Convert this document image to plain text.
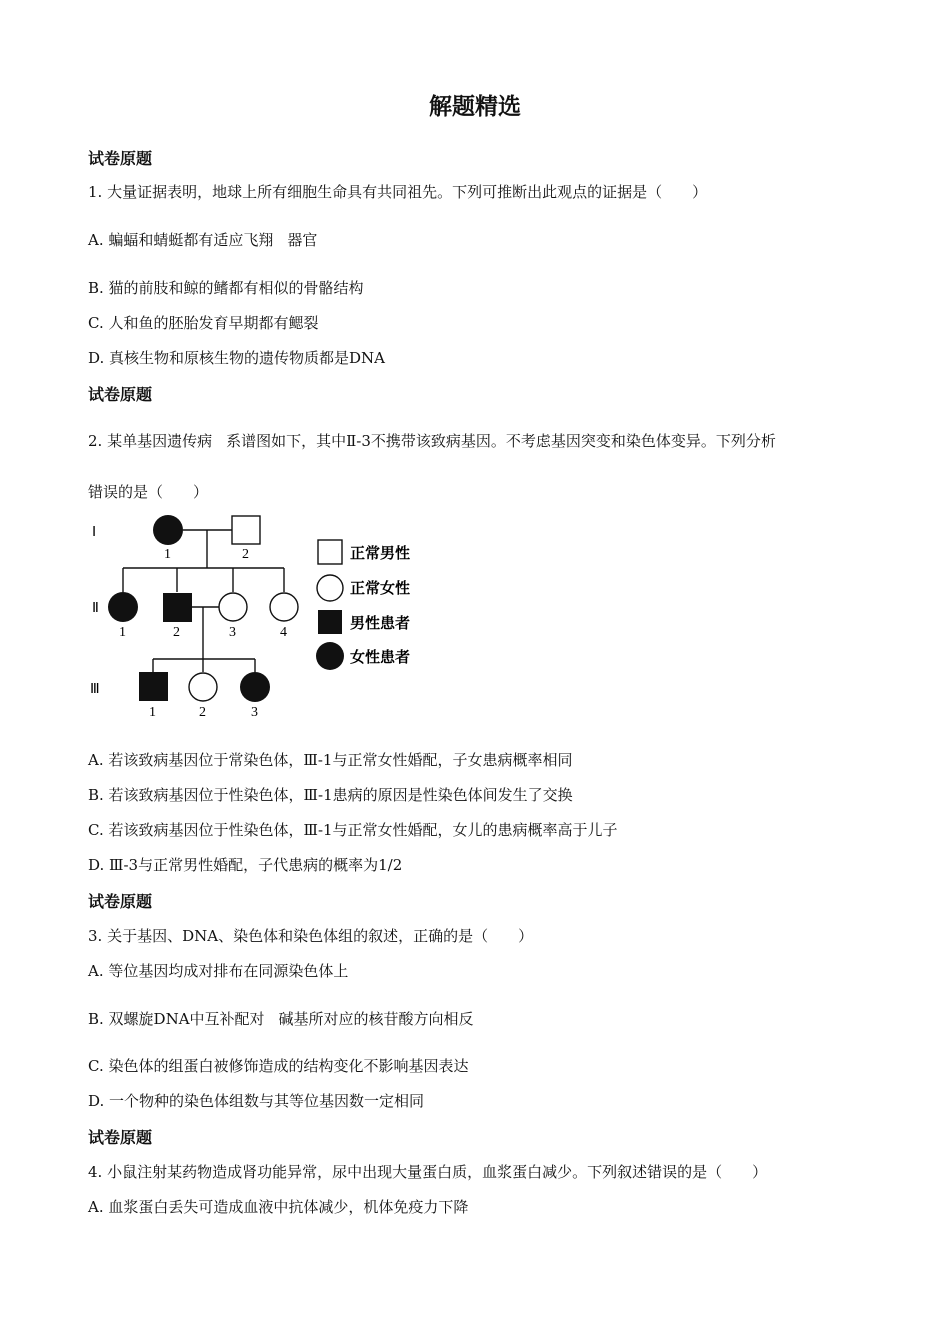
解题精选

试卷原题

1. 大量证据表明，地球上所有细胞生命具有共同祖先。下列可推断出此观点的证据是（　　）

A. 蝙蝠和蜻蜓都有适应飞翔 器官

B. 猫的前肢和鲸的鳍都有相似的骨骼结构

C. 人和鱼的胚胎发育早期都有鳃裂

D. 真核生物和原核生物的遗传物质都是DNA

试卷原题

2. 某单基因遗传病 系谱图如下，其中Ⅱ-3不携带该致病基因。不考虑基因突变和染色体变异。下列分析

错误的是（　　）

Ⅰ
Ⅱ
Ⅲ
1	2
1	2	3	4
1	2	3
正常男性
正常女性
男性患者
女性患者

A. 若该致病基因位于常染色体，Ⅲ-1与正常女性婚配，子女患病概率相同

B. 若该致病基因位于性染色体，Ⅲ-1患病的原因是性染色体间发生了交换

C. 若该致病基因位于性染色体，Ⅲ-1与正常女性婚配，女儿的患病概率高于儿子

D. Ⅲ-3与正常男性婚配，子代患病的概率为1/2

试卷原题

3. 关于基因、DNA、染色体和染色体组的叙述，正确的是（　　）

A. 等位基因均成对排布在同源染色体上

B. 双螺旋DNA中互补配对 碱基所对应的核苷酸方向相反

C. 染色体的组蛋白被修饰造成的结构变化不影响基因表达

D. 一个物种的染色体组数与其等位基因数一定相同

试卷原题

4. 小鼠注射某药物造成肾功能异常，尿中出现大量蛋白质，血浆蛋白减少。下列叙述错误的是（　　）

A. 血浆蛋白丢失可造成血液中抗体减少，机体免疫力下降
